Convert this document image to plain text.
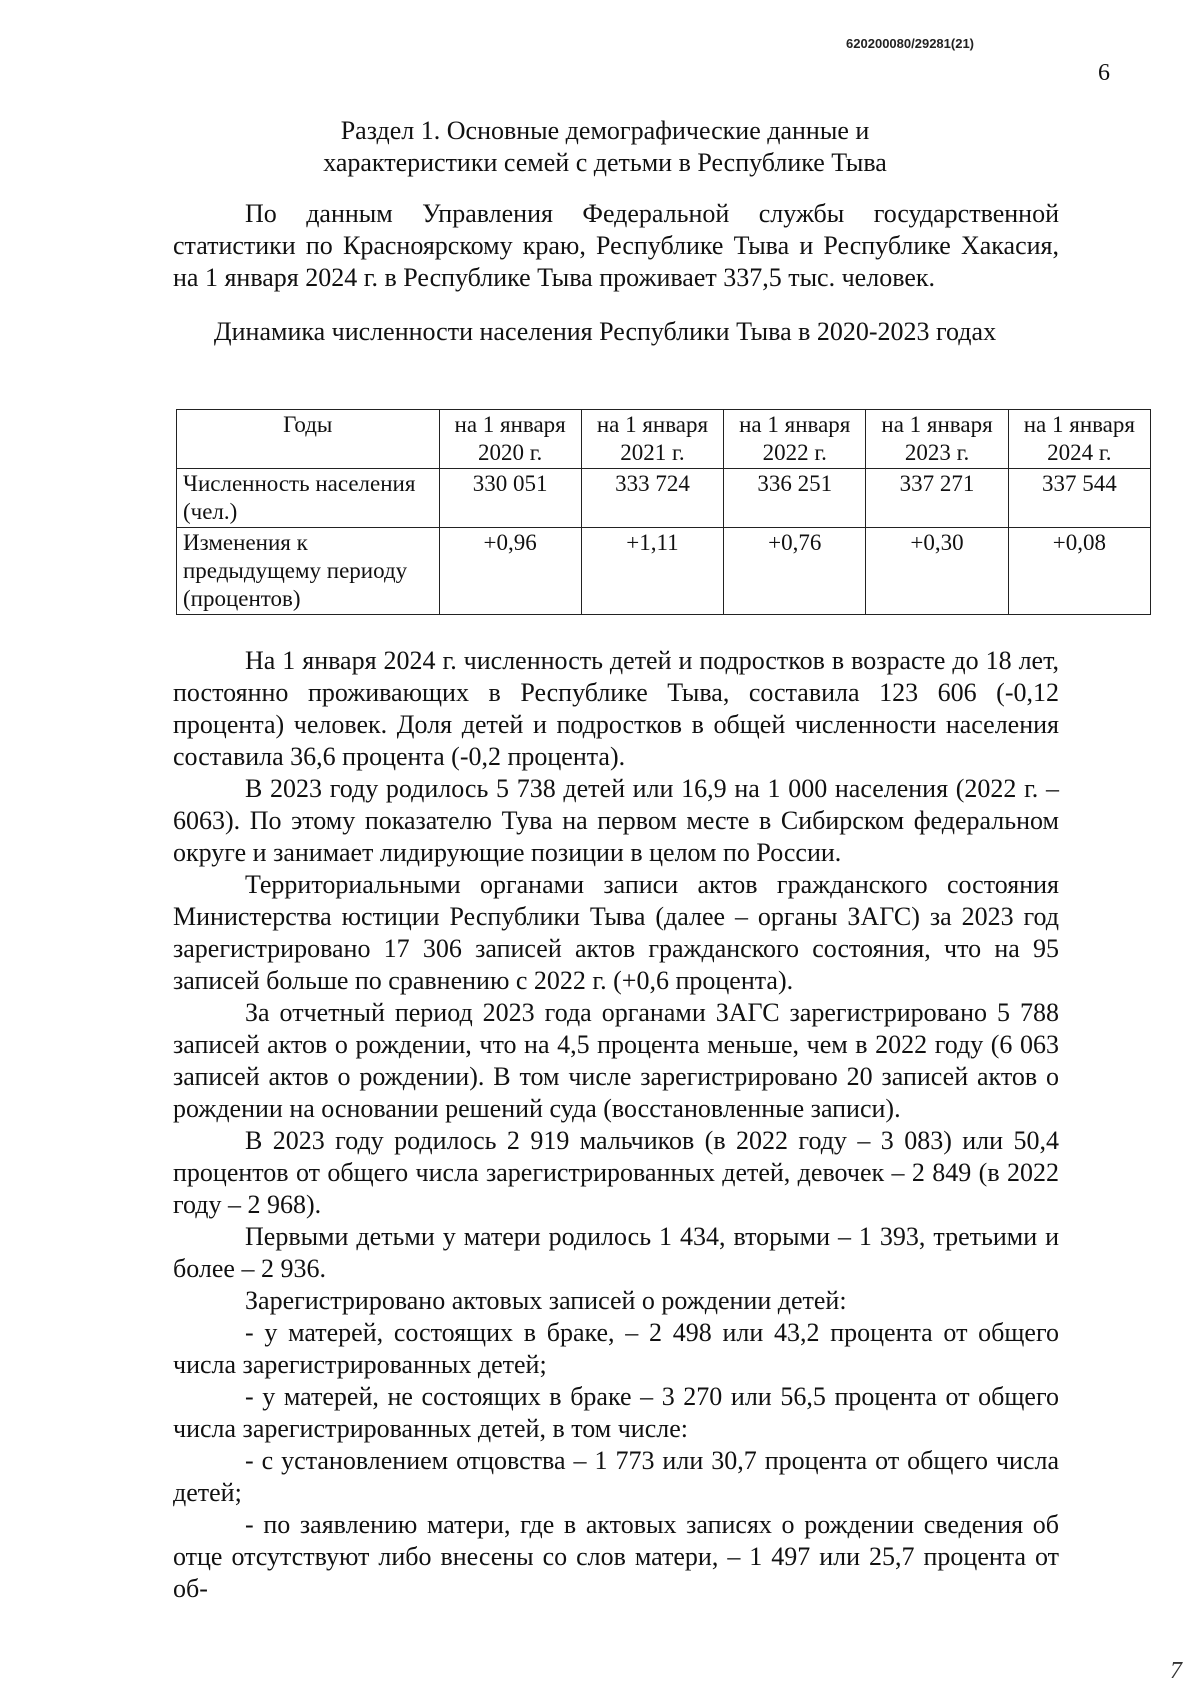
620200080/29281(21)
6
Раздел 1. Основные демографические данные и
характеристики семей с детьми в Республике Тыва

По данным Управления Федеральной службы государственной статистики по Красноярскому краю, Республике Тыва и Республике Хакасия, на 1 января 2024 г. в Республике Тыва проживает 337,5 тыс. человек.

Динамика численности населения Республики Тыва в 2020-2023 годах
Годы	на 1 января 2020 г.	на 1 января 2021 г.	на 1 января 2022 г.	на 1 января 2023 г.	на 1 января 2024 г.
Численность населения (чел.)	330 051	333 724	336 251	337 271	337 544
Изменения к предыдущему периоду (процентов)	+0,96	+1,11	+0,76	+0,30	+0,08

На 1 января 2024 г. численность детей и подростков в возрасте до 18 лет, постоянно проживающих в Республике Тыва, составила 123 606 (-0,12 процента) человек. Доля детей и подростков в общей численности населения составила 36,6 процента (-0,2 процента).

В 2023 году родилось 5 738 детей или 16,9 на 1 000 населения (2022 г. – 6063). По этому показателю Тува на первом месте в Сибирском федеральном округе и занимает лидирующие позиции в целом по России.

Территориальными органами записи актов гражданского состояния Министерства юстиции Республики Тыва (далее – органы ЗАГС) за 2023 год зарегистрировано 17 306 записей актов гражданского состояния, что на 95 записей больше по сравнению с 2022 г. (+0,6 процента).

За отчетный период 2023 года органами ЗАГС зарегистрировано 5 788 записей актов о рождении, что на 4,5 процента меньше, чем в 2022 году (6 063 записей актов о рождении). В том числе зарегистрировано 20 записей актов о рождении на основании решений суда (восстановленные записи).

В 2023 году родилось 2 919 мальчиков (в 2022 году – 3 083) или 50,4 процентов от общего числа зарегистрированных детей, девочек – 2 849 (в 2022 году – 2 968).

Первыми детьми у матери родилось 1 434, вторыми – 1 393, третьими и более – 2 936.

Зарегистрировано актовых записей о рождении детей:

- у матерей, состоящих в браке, – 2 498 или 43,2 процента от общего числа зарегистрированных детей;

- у матерей, не состоящих в браке – 3 270 или 56,5 процента от общего числа зарегистрированных детей, в том числе:

- с установлением отцовства – 1 773 или 30,7 процента от общего числа детей;

- по заявлению матери, где в актовых записях о рождении сведения об отце отсутствуют либо внесены со слов матери, – 1 497 или 25,7 процента от об-

7
